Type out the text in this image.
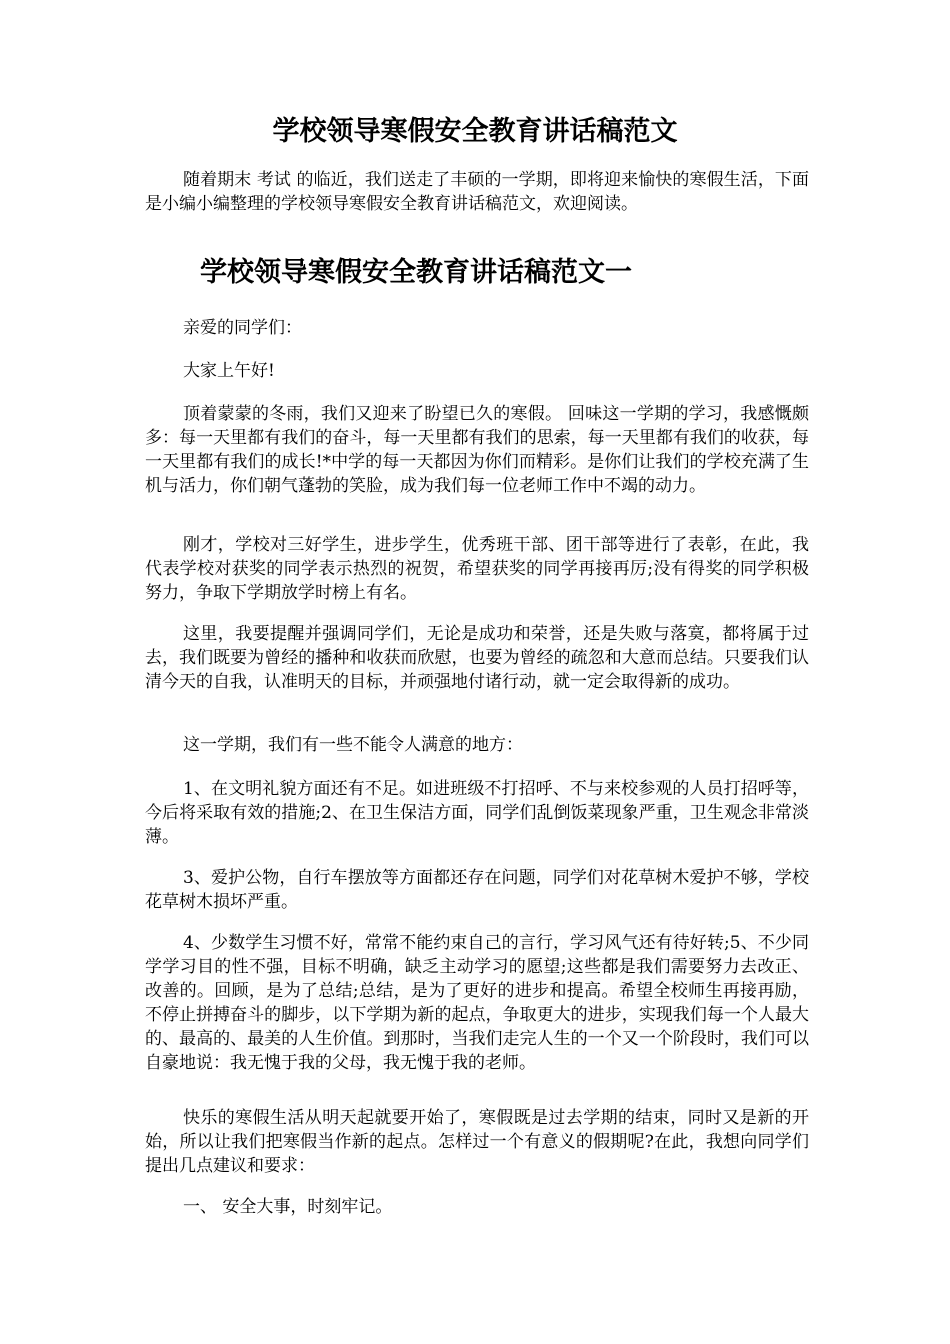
学校领导寒假安全教育讲话稿范文

随着期末 考试 的临近，我们送走了丰硕的一学期，即将迎来愉快的寒假生活，下面是小编小编整理的学校领导寒假安全教育讲话稿范文，欢迎阅读。

学校领导寒假安全教育讲话稿范文一

亲爱的同学们：

大家上午好!

顶着蒙蒙的冬雨，我们又迎来了盼望已久的寒假。 回味这一学期的学习，我感慨颇多：每一天里都有我们的奋斗，每一天里都有我们的思索，每一天里都有我们的收获，每一天里都有我们的成长!*中学的每一天都因为你们而精彩。是你们让我们的学校充满了生机与活力，你们朝气蓬勃的笑脸，成为我们每一位老师工作中不竭的动力。

刚才，学校对三好学生，进步学生，优秀班干部、团干部等进行了表彰，在此，我代表学校对获奖的同学表示热烈的祝贺，希望获奖的同学再接再厉;没有得奖的同学积极努力，争取下学期放学时榜上有名。

这里，我要提醒并强调同学们，无论是成功和荣誉，还是失败与落寞，都将属于过去，我们既要为曾经的播种和收获而欣慰，也要为曾经的疏忽和大意而总结。只要我们认清今天的自我，认准明天的目标，并顽强地付诸行动，就一定会取得新的成功。

这一学期，我们有一些不能令人满意的地方：

1、在文明礼貌方面还有不足。如进班级不打招呼、不与来校参观的人员打招呼等，今后将采取有效的措施;2、在卫生保洁方面，同学们乱倒饭菜现象严重，卫生观念非常淡薄。

3、爱护公物，自行车摆放等方面都还存在问题，同学们对花草树木爱护不够，学校花草树木损坏严重。

4、少数学生习惯不好，常常不能约束自己的言行，学习风气还有待好转;5、不少同学学习目的性不强，目标不明确，缺乏主动学习的愿望;这些都是我们需要努力去改正、改善的。回顾，是为了总结;总结，是为了更好的进步和提高。希望全校师生再接再励，不停止拼搏奋斗的脚步，以下学期为新的起点，争取更大的进步，实现我们每一个人最大的、最高的、最美的人生价值。到那时，当我们走完人生的一个又一个阶段时，我们可以自豪地说：我无愧于我的父母，我无愧于我的老师。

快乐的寒假生活从明天起就要开始了，寒假既是过去学期的结束，同时又是新的开始，所以让我们把寒假当作新的起点。怎样过一个有意义的假期呢?在此，我想向同学们提出几点建议和要求：

一、 安全大事，时刻牢记。
